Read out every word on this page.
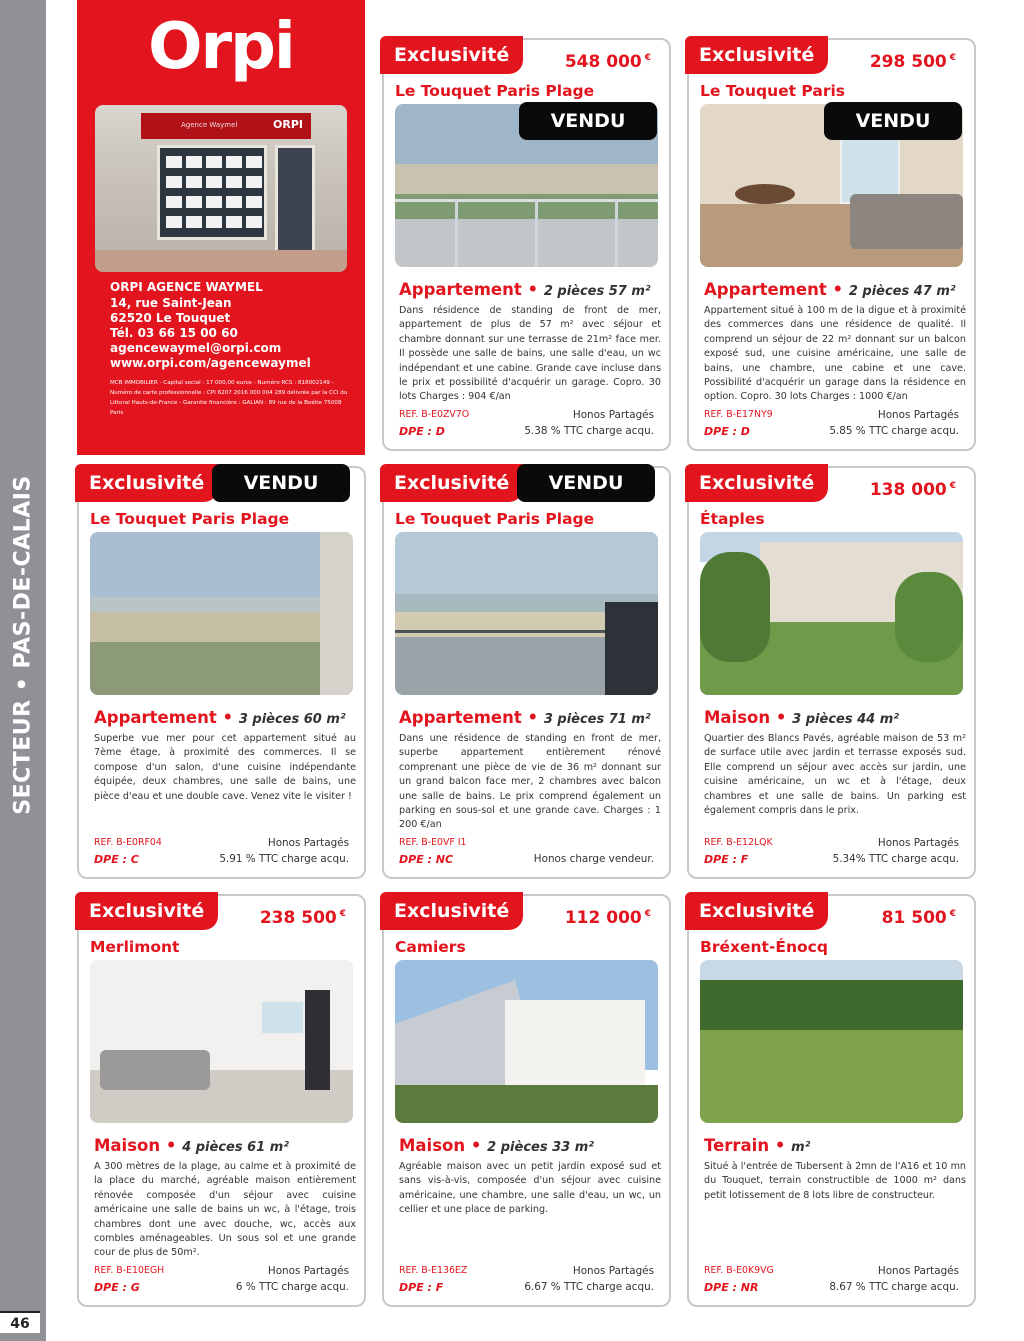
SECTEUR • PAS-DE-CALAIS
46
Orpi
Agence Waymel	ORPI
ORPI AGENCE WAYMEL
14, rue Saint-Jean
62520 Le Touquet
Tél. 03 66 15 00 60
agencewaymel@orpi.com
www.orpi.com/agencewaymel
MCB IMMOBILIER - Capital social : 17 000,00 euros - Numéro RCS : 818002149 - Numéro de carte professionnelle : CPI 6207 2016 000 004 289 délivrée par la CCI du Littoral Hauts-de-France - Garantie financière : GALIAN : 89 rue de la Boétie 75008 Paris
Exclusivité	548 000 €
VENDU
Le Touquet Paris Plage
Appartement • 2 pièces 57 m²
Dans résidence de standing de front de mer, appartement de plus de 57 m² avec séjour et chambre donnant sur une terrasse de 21m² face mer. Il possède une salle de bains, une salle d'eau, un wc indépendant et une cabine. Grande cave incluse dans le prix et possibilité d'acquérir un garage. Copro. 30 lots Charges : 904 €/an
REF. B-E0ZV7O
DPE : D
Honos Partagés
5.38 % TTC charge acqu.
Exclusivité	298 500 €
VENDU
Le Touquet Paris
Appartement • 2 pièces 47 m²
Appartement situé à 100 m de la digue et à proximité des commerces dans une résidence de qualité. Il comprend un séjour de 22 m² donnant sur un balcon exposé sud, une cuisine américaine, une salle de bains, une chambre, une cabine et une cave. Possibilité d'acquérir un garage dans la résidence en option. Copro. 30 lots Charges : 1000 €/an
REF. B-E17NY9
DPE : D
Honos Partagés
5.85 % TTC charge acqu.
Exclusivité	VENDU
Le Touquet Paris Plage
Appartement • 3 pièces 60 m²
Superbe vue mer pour cet appartement situé au 7ème étage, à proximité des commerces. Il se compose d'un salon, d'une cuisine indépendante équipée, deux chambres, une salle de bains, une pièce d'eau et une double cave. Venez vite le visiter !
REF. B-E0RF04
DPE : C
Honos Partagés
5.91 % TTC charge acqu.
Exclusivité	VENDU
Le Touquet Paris Plage
Appartement • 3 pièces 71 m²
Dans une résidence de standing en front de mer, superbe appartement entièrement rénové comprenant une pièce de vie de 36 m² donnant sur un grand balcon face mer, 2 chambres avec balcon une salle de bains. Le prix comprend également un parking en sous-sol et une grande cave. Charges : 1 200 €/an
REF. B-E0VF I1
DPE : NC	Honos charge vendeur.
Exclusivité	138 000 €
Étaples
Maison • 3 pièces 44 m²
Quartier des Blancs Pavés, agréable maison de 53 m² de surface utile avec jardin et terrasse exposés sud. Elle comprend un séjour avec accès sur jardin, une cuisine américaine, un wc et à l'étage, deux chambres et une salle de bains. Un parking est également compris dans le prix.
REF. B-E12LQK
DPE : F
Honos Partagés
5.34% TTC charge acqu.
Exclusivité	238 500 €
Merlimont
Maison • 4 pièces 61 m²
A 300 mètres de la plage, au calme et à proximité de la place du marché, agréable maison entièrement rénovée composée d'un séjour avec cuisine américaine une salle de bains un wc, à l'étage, trois chambres dont une avec douche, wc, accès aux combles aménageables. Un sous sol et une grande cour de plus de 50m².
REF. B-E10EGH
DPE : G
Honos Partagés
6 % TTC charge acqu.
Exclusivité	112 000 €
Camiers
Maison • 2 pièces 33 m²
Agréable maison avec un petit jardin exposé sud et sans vis-à-vis, composée d'un séjour avec cuisine américaine, une chambre, une salle d'eau, un wc, un cellier et une place de parking.
REF. B-E136EZ
DPE : F
Honos Partagés
6.67 % TTC charge acqu.
Exclusivité	81 500 €
Bréxent-Énocq
Terrain • m²
Situé à l'entrée de Tubersent à 2mn de l'A16 et 10 mn du Touquet, terrain constructible de 1000 m² dans petit lotissement de 8 lots libre de constructeur.
REF. B-E0K9VG
DPE : NR
Honos Partagés
8.67 % TTC charge acqu.
